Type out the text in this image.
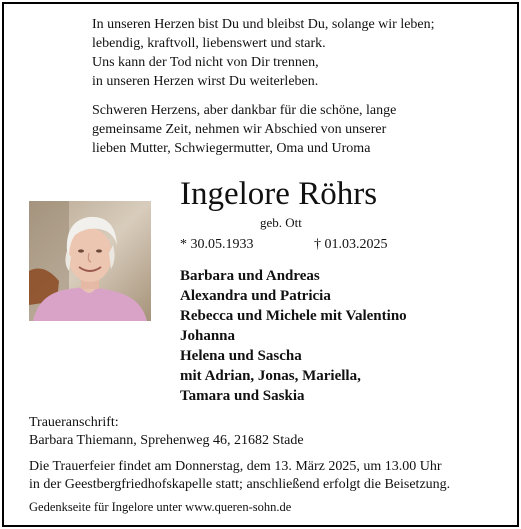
In unseren Herzen bist Du und bleibst Du, solange wir leben;
lebendig, kraftvoll, liebenswert und stark.
Uns kann der Tod nicht von Dir trennen,
in unseren Herzen wirst Du weiterleben.
Schweren Herzens, aber dankbar für die schöne, lange
gemeinsame Zeit, nehmen wir Abschied von unserer
lieben Mutter, Schwiegermutter, Oma und Uroma
Ingelore Röhrs
geb. Ott
* 30.05.1933	† 01.03.2025
Barbara und Andreas
Alexandra und Patricia
Rebecca und Michele mit Valentino
Johanna
Helena und Sascha
mit Adrian, Jonas, Mariella,
Tamara und Saskia
Traueranschrift:
Barbara Thiemann, Sprehenweg 46, 21682 Stade
Die Trauerfeier findet am Donnerstag, dem 13. März 2025, um 13.00 Uhr
in der Geestbergfriedhofskapelle statt; anschließend erfolgt die Beisetzung.
Gedenkseite für Ingelore unter www.queren-sohn.de
